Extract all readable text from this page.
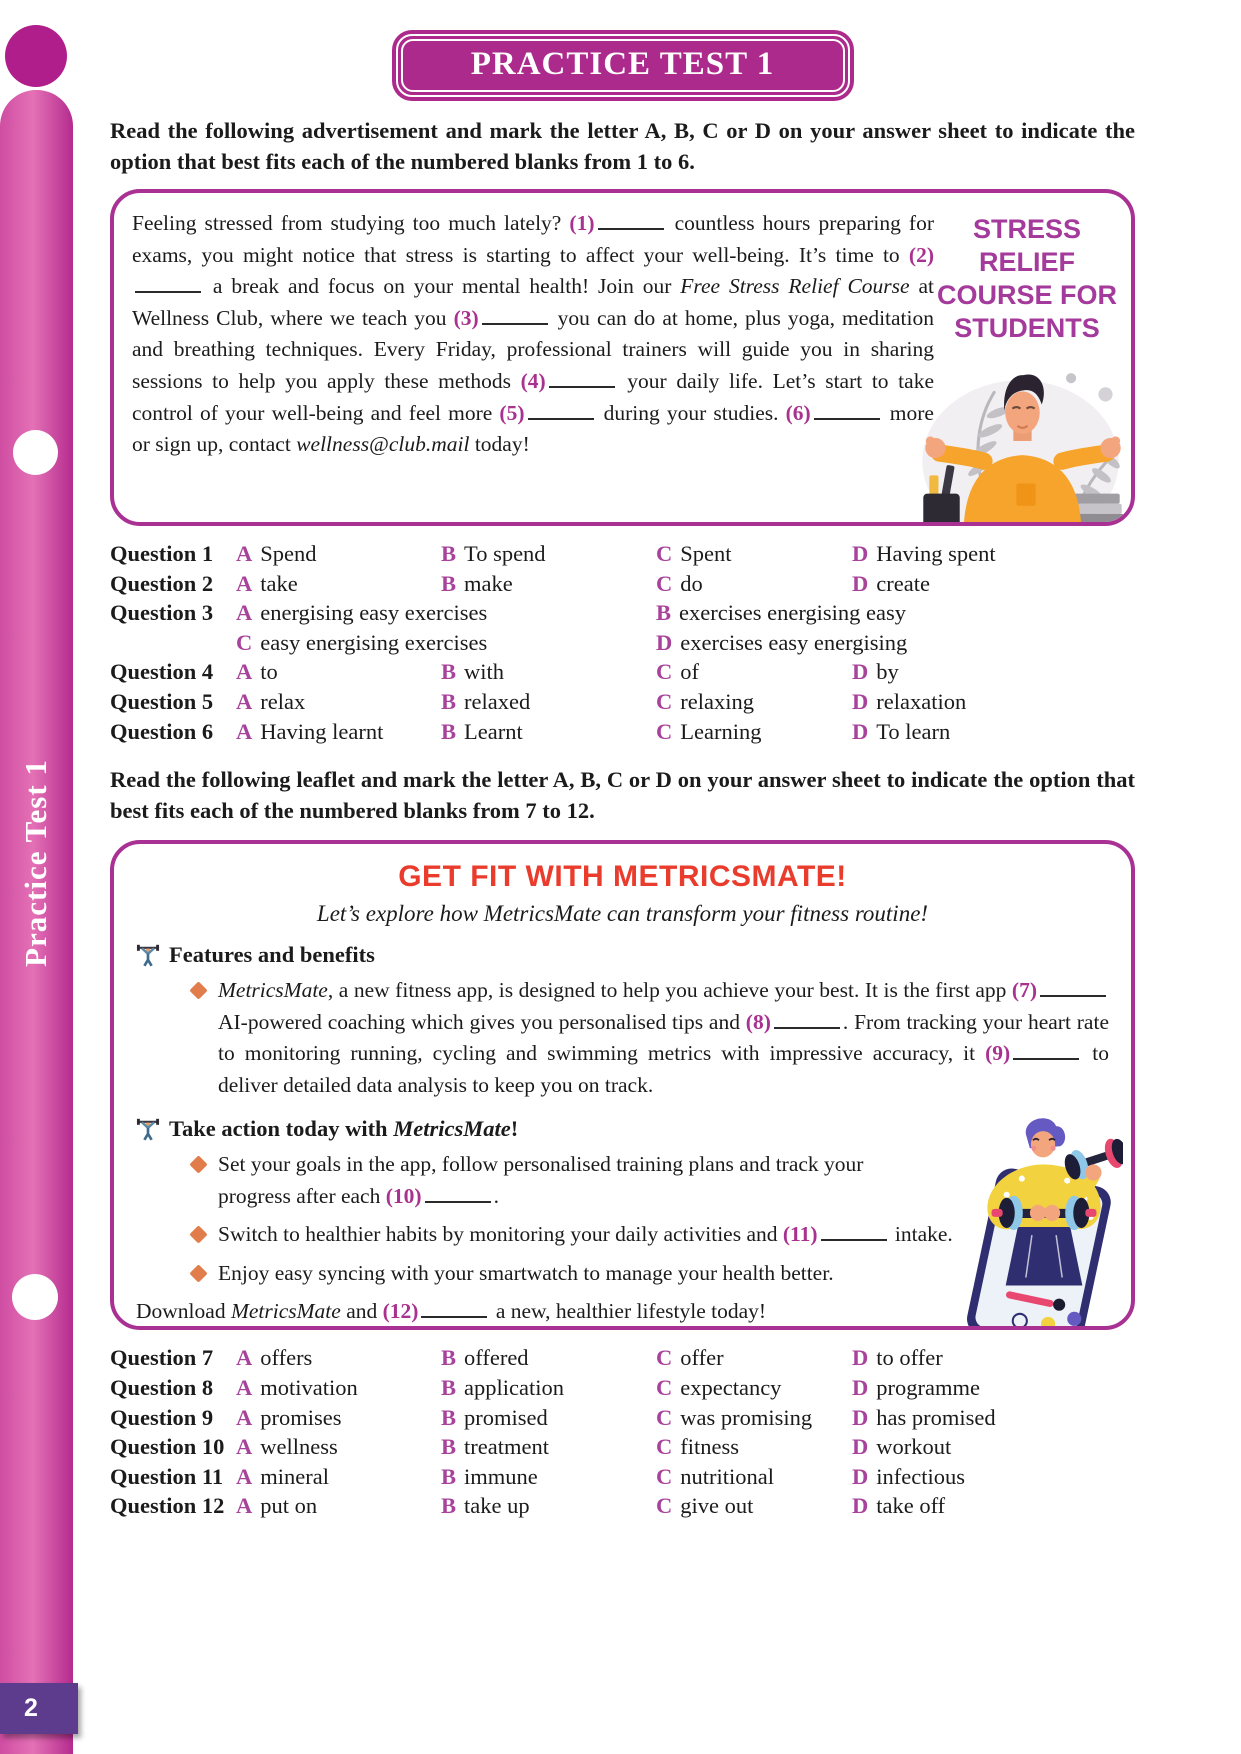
Practice Test 1
2
PRACTICE TEST 1

Read the following advertisement and mark the letter A, B, C or D on your answer sheet to indicate the option that best fits each of the numbered blanks from 1 to 6.

Feeling stressed from studying too much lately? (1)	countless hours preparing for exams, you might notice that stress is starting to affect your well-being. It’s time to (2) a break and focus on your mental health! Join our Free Stress Relief Course at Wellness Club, where we teach you (3)	you can do at home, plus yoga, meditation and breathing techniques. Every Friday, professional trainers will guide you in sharing sessions to help you apply these methods (4)	your daily life. Let’s start to take control of your well-being and feel more (5)	during your studies. (6)	more or sign up, contact wellness@club.mail today!
STRESS RELIEF COURSE FOR STUDENTS
Question 1	A Spend	B To spend	C Spent	D Having spent
Question 2	A take	B make	C do	D create
Question 3	A energising easy exercises	B exercises energising easy
C easy energising exercises	D exercises easy energising
Question 4	A to	B with	C of	D by
Question 5	A relax	B relaxed	C relaxing	D relaxation
Question 6	A Having learnt	B Learnt	C Learning	D To learn

Read the following leaflet and mark the letter A, B, C or D on your answer sheet to indicate the option that best fits each of the numbered blanks from 7 to 12.

GET FIT WITH METRICSMATE!
Let’s explore how MetricsMate can transform your fitness routine!
Features and benefits
MetricsMate, a new fitness app, is designed to help you achieve your best. It is the first app (7) AI-powered coaching which gives you personalised tips and (8)	. From tracking your heart rate to monitoring running, cycling and swimming metrics with impressive accuracy, it (9)	to deliver detailed data analysis to keep you on track.
Take action today with MetricsMate!
Set your goals in the app, follow personalised training plans and track your progress after each (10)	.
Switch to healthier habits by monitoring your daily activities and (11)	intake.
Enjoy easy syncing with your smartwatch to manage your health better.
Download MetricsMate and (12)	a new, healthier lifestyle today!
Question 7	A offers	B offered	C offer	D to offer
Question 8	A motivation	B application	C expectancy	D programme
Question 9	A promises	B promised	C was promising	D has promised
Question 10 A wellness	B treatment	C fitness	D workout
Question 11 A mineral	B immune	C nutritional	D infectious
Question 12 A put on	B take up	C give out	D take off
